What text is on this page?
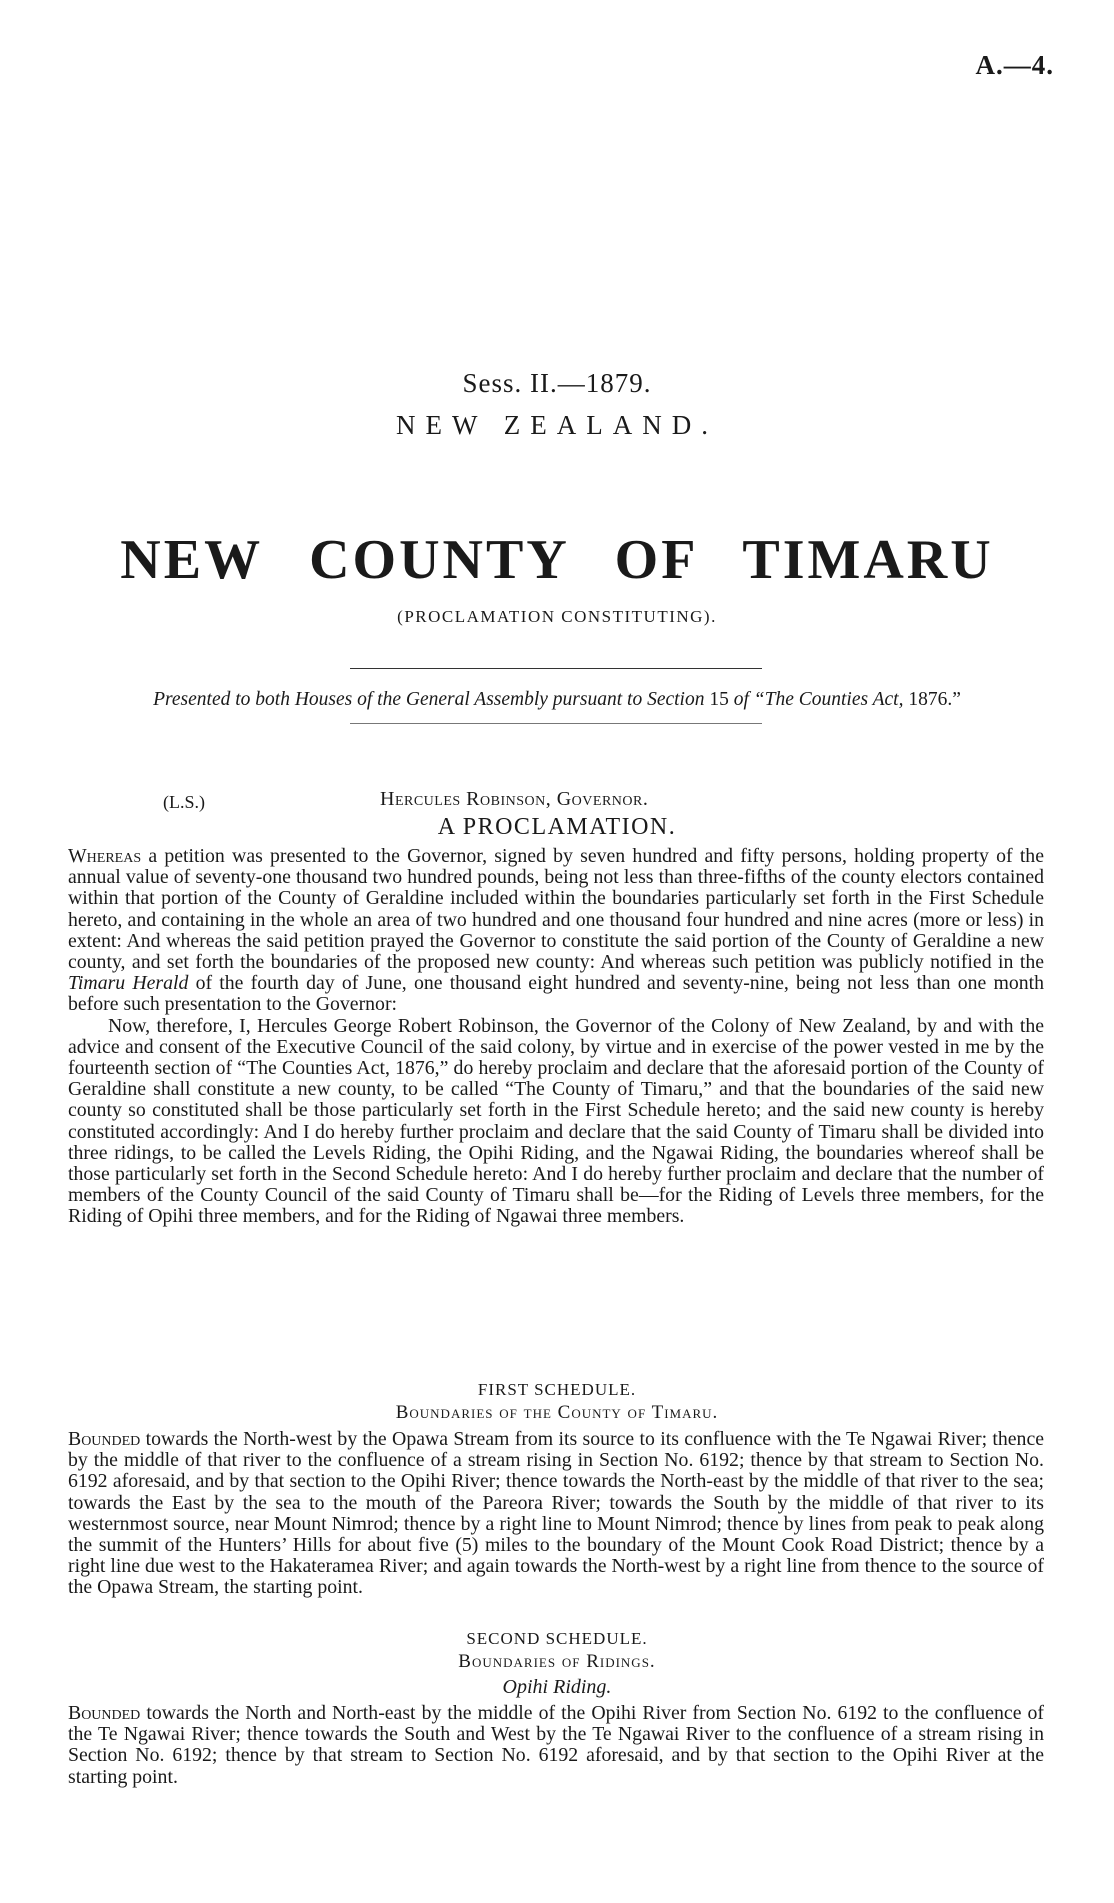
A.—4.
Sess. II.—1879.
NEW ZEALAND.
NEW COUNTY OF TIMARU
(PROCLAMATION CONSTITUTING).
Presented to both Houses of the General Assembly pursuant to Section 15 of “The Counties Act, 1876.”
(L.S.)	Hercules Robinson, Governor.
A PROCLAMATION.

Whereas a petition was presented to the Governor, signed by seven hundred and fifty persons, holding property of the annual value of seventy-one thousand two hundred pounds, being not less than three-fifths of the county electors contained within that portion of the County of Geraldine included within the boundaries particularly set forth in the First Schedule hereto, and containing in the whole an area of two hundred and one thousand four hundred and nine acres (more or less) in extent: And whereas the said petition prayed the Governor to constitute the said portion of the County of Geraldine a new county, and set forth the boundaries of the proposed new county: And whereas such petition was publicly notified in the Timaru Herald of the fourth day of June, one thousand eight hundred and seventy-nine, being not less than one month before such presentation to the Governor:

Now, therefore, I, Hercules George Robert Robinson, the Governor of the Colony of New Zealand, by and with the advice and consent of the Executive Council of the said colony, by virtue and in exercise of the power vested in me by the fourteenth section of “The Counties Act, 1876,” do hereby proclaim and declare that the aforesaid portion of the County of Geraldine shall constitute a new county, to be called “The County of Timaru,” and that the boundaries of the said new county so constituted shall be those particularly set forth in the First Schedule hereto; and the said new county is hereby constituted accordingly: And I do hereby further proclaim and declare that the said County of Timaru shall be divided into three ridings, to be called the Levels Riding, the Opihi Riding, and the Ngawai Riding, the boundaries whereof shall be those particularly set forth in the Second Schedule hereto: And I do hereby further proclaim and declare that the number of members of the County Council of the said County of Timaru shall be—for the Riding of Levels three members, for the Riding of Opihi three members, and for the Riding of Ngawai three members.

FIRST SCHEDULE.
Boundaries of the County of Timaru.

Bounded towards the North-west by the Opawa Stream from its source to its confluence with the Te Ngawai River; thence by the middle of that river to the confluence of a stream rising in Section No. 6192; thence by that stream to Section No. 6192 aforesaid, and by that section to the Opihi River; thence towards the North-east by the middle of that river to the sea; towards the East by the sea to the mouth of the Pareora River; towards the South by the middle of that river to its westernmost source, near Mount Nimrod; thence by a right line to Mount Nimrod; thence by lines from peak to peak along the summit of the Hunters’ Hills for about five (5) miles to the boundary of the Mount Cook Road District; thence by a right line due west to the Hakateramea River; and again towards the North-west by a right line from thence to the source of the Opawa Stream, the starting point.

SECOND SCHEDULE.
Boundaries of Ridings.
Opihi Riding.

Bounded towards the North and North-east by the middle of the Opihi River from Section No. 6192 to the confluence of the Te Ngawai River; thence towards the South and West by the Te Ngawai River to the confluence of a stream rising in Section No. 6192; thence by that stream to Section No. 6192 aforesaid, and by that section to the Opihi River at the starting point.
